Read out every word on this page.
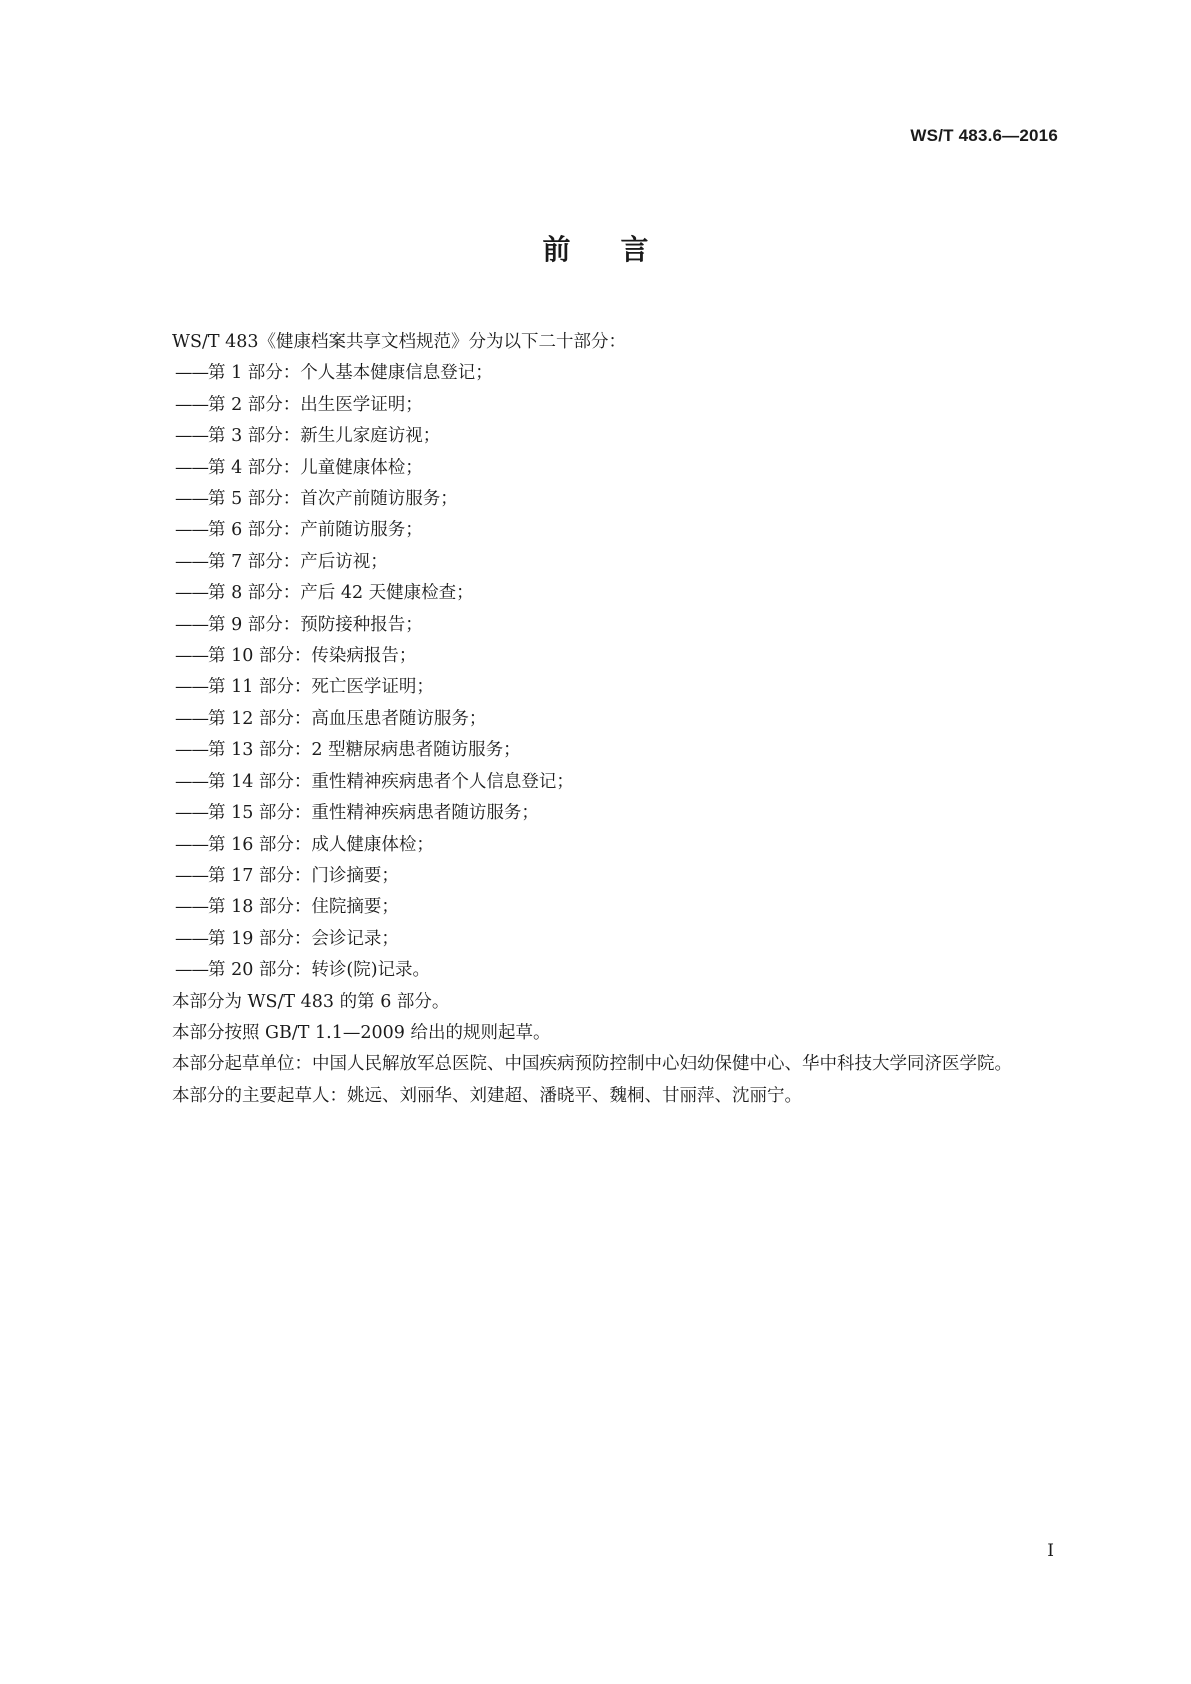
WS/T 483.6—2016
前言

WS/T 483《健康档案共享文档规范》分为以下二十部分：

——第 1 部分：个人基本健康信息登记；

——第 2 部分：出生医学证明；

——第 3 部分：新生儿家庭访视；

——第 4 部分：儿童健康体检；

——第 5 部分：首次产前随访服务；

——第 6 部分：产前随访服务；

——第 7 部分：产后访视；

——第 8 部分：产后 42 天健康检查；

——第 9 部分：预防接种报告；

——第 10 部分：传染病报告；

——第 11 部分：死亡医学证明；

——第 12 部分：高血压患者随访服务；

——第 13 部分：2 型糖尿病患者随访服务；

——第 14 部分：重性精神疾病患者个人信息登记；

——第 15 部分：重性精神疾病患者随访服务；

——第 16 部分：成人健康体检；

——第 17 部分：门诊摘要；

——第 18 部分：住院摘要；

——第 19 部分：会诊记录；

——第 20 部分：转诊(院)记录。

本部分为 WS/T 483 的第 6 部分。

本部分按照 GB/T 1.1—2009 给出的规则起草。

本部分起草单位：中国人民解放军总医院、中国疾病预防控制中心妇幼保健中心、华中科技大学同济医学院。

本部分的主要起草人：姚远、刘丽华、刘建超、潘晓平、魏桐、甘丽萍、沈丽宁。

I
